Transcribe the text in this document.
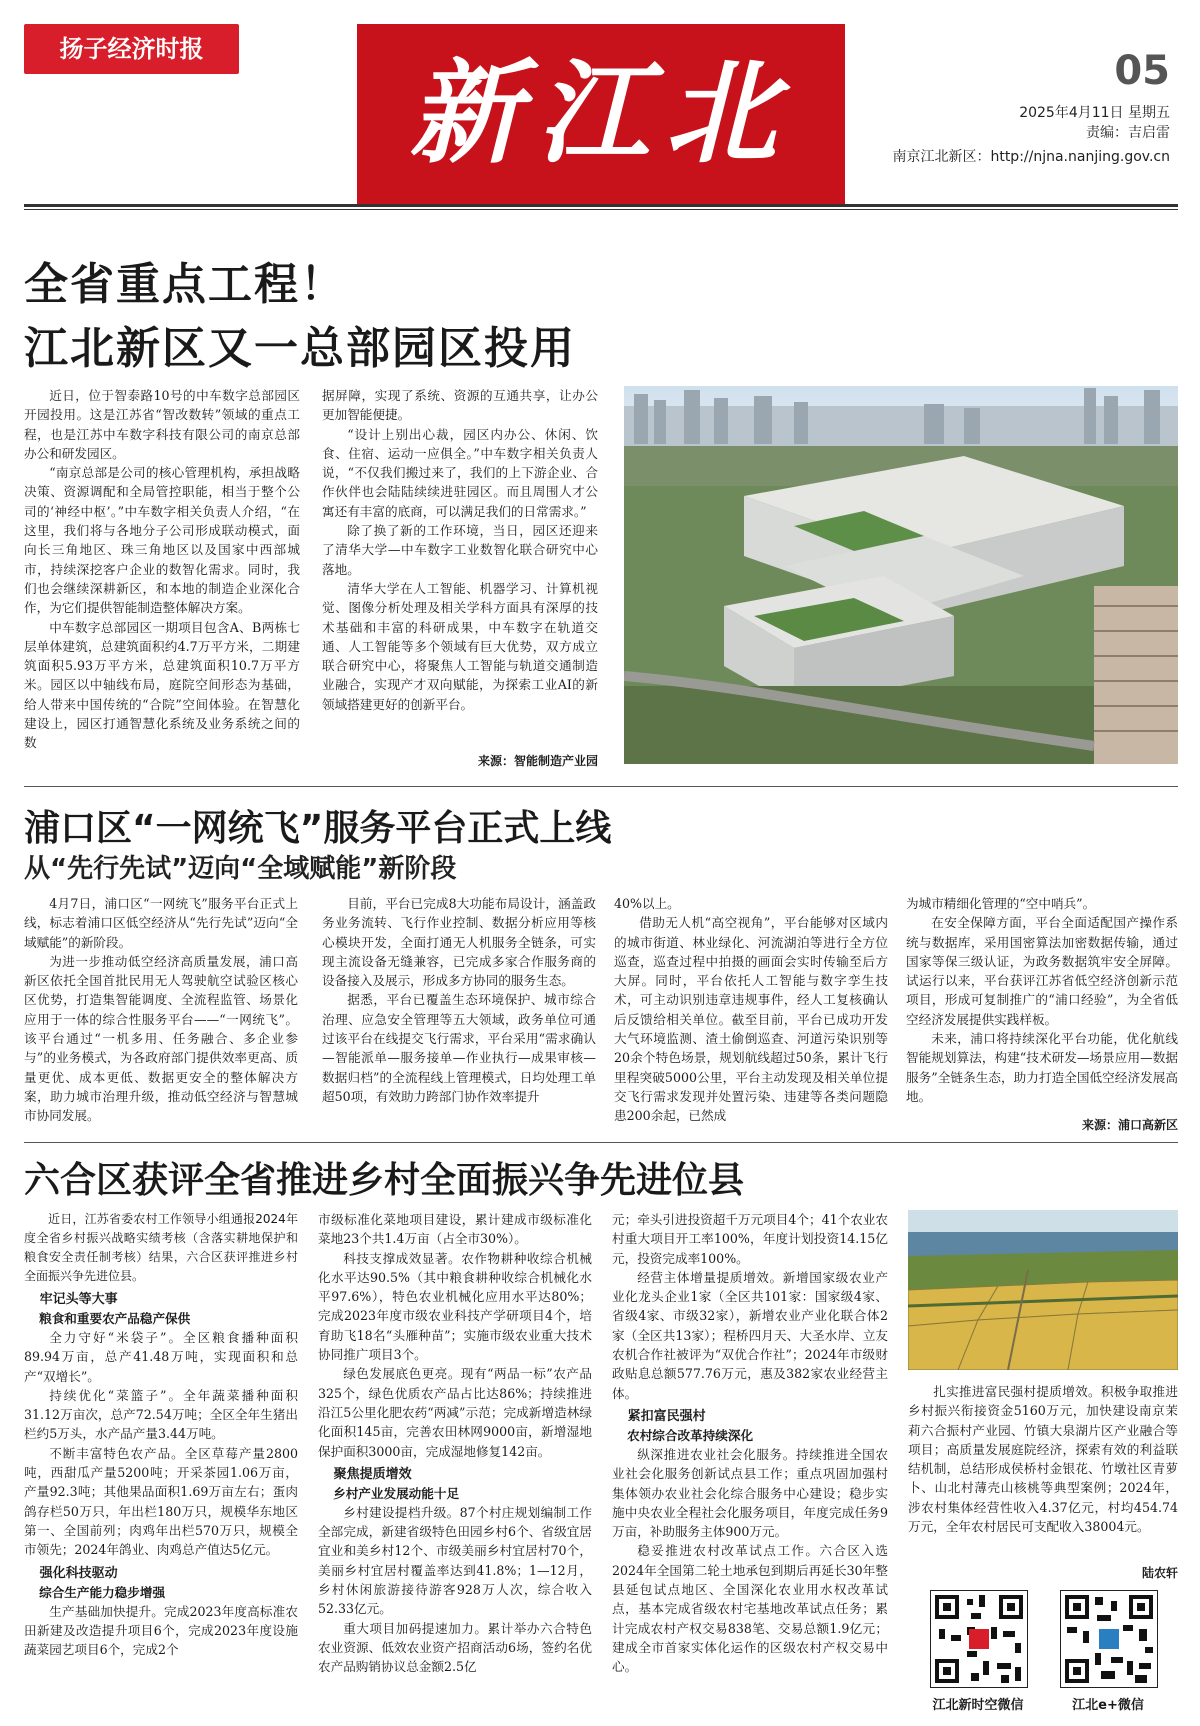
扬子经济时报	新江北	05
2025年4月11日 星期五
责编：吉启雷
南京江北新区：http://njna.nanjing.gov.cn
全省重点工程！
江北新区又一总部园区投用

近日，位于智泰路10号的中车数字总部园区开园投用。这是江苏省“智改数转”领域的重点工程，也是江苏中车数字科技有限公司的南京总部办公和研发园区。

“南京总部是公司的核心管理机构，承担战略决策、资源调配和全局管控职能，相当于整个公司的‘神经中枢’。”中车数字相关负责人介绍，“在这里，我们将与各地分子公司形成联动模式，面向长三角地区、珠三角地区以及国家中西部城市，持续深挖客户企业的数智化需求。同时，我们也会继续深耕新区，和本地的制造企业深化合作，为它们提供智能制造整体解决方案。

中车数字总部园区一期项目包含A、B两栋七层单体建筑，总建筑面积约4.7万平方米，二期建筑面积5.93万平方米，总建筑面积10.7万平方米。园区以中轴线布局，庭院空间形态为基础，给人带来中国传统的“合院”空间体验。在智慧化建设上，园区打通智慧化系统及业务系统之间的数

据屏障，实现了系统、资源的互通共享，让办公更加智能便捷。

“设计上别出心裁，园区内办公、休闲、饮食、住宿、运动一应俱全。”中车数字相关负责人说，“不仅我们搬过来了，我们的上下游企业、合作伙伴也会陆陆续续进驻园区。而且周围人才公寓还有丰富的底商，可以满足我们的日常需求。”

除了换了新的工作环境，当日，园区还迎来了清华大学—中车数字工业数智化联合研究中心落地。

清华大学在人工智能、机器学习、计算机视觉、图像分析处理及相关学科方面具有深厚的技术基础和丰富的科研成果，中车数字在轨道交通、人工智能等多个领域有巨大优势，双方成立联合研究中心，将聚焦人工智能与轨道交通制造业融合，实现产才双向赋能，为探索工业AI的新领域搭建更好的创新平台。

来源：智能制造产业园
浦口区“一网统飞”服务平台正式上线
从“先行先试”迈向“全域赋能”新阶段

4月7日，浦口区“一网统飞”服务平台正式上线，标志着浦口区低空经济从“先行先试”迈向“全域赋能”的新阶段。

为进一步推动低空经济高质量发展，浦口高新区依托全国首批民用无人驾驶航空试验区核心区优势，打造集智能调度、全流程监管、场景化应用于一体的综合性服务平台——“一网统飞”。该平台通过“一机多用、任务融合、多企业参与”的业务模式，为各政府部门提供效率更高、质量更优、成本更低、数据更安全的整体解决方案，助力城市治理升级，推动低空经济与智慧城市协同发展。

目前，平台已完成8大功能布局设计，涵盖政务业务流转、飞行作业控制、数据分析应用等核心模块开发，全面打通无人机服务全链条，可实现主流设备无缝兼容，已完成多家合作服务商的设备接入及展示，形成多方协同的服务生态。

据悉，平台已覆盖生态环境保护、城市综合治理、应急安全管理等五大领域，政务单位可通过该平台在线提交飞行需求，平台采用“需求确认—智能派单—服务接单—作业执行—成果审核—数据归档”的全流程线上管理模式，日均处理工单超50项，有效助力跨部门协作效率提升

40%以上。

借助无人机“高空视角”，平台能够对区域内的城市街道、林业绿化、河流湖泊等进行全方位巡查，巡查过程中拍摄的画面会实时传输至后方大屏。同时，平台依托人工智能与数字孪生技术，可主动识别违章违规事件，经人工复核确认后反馈给相关单位。截至目前，平台已成功开发大气环境监测、渣土偷倒巡查、河道污染识别等20余个特色场景，规划航线超过50条，累计飞行里程突破5000公里，平台主动发现及相关单位提交飞行需求发现并处置污染、违建等各类问题隐患200余起，已然成

为城市精细化管理的“空中哨兵”。

在安全保障方面，平台全面适配国产操作系统与数据库，采用国密算法加密数据传输，通过国家等保三级认证，为政务数据筑牢安全屏障。试运行以来，平台获评江苏省低空经济创新示范项目，形成可复制推广的“浦口经验”，为全省低空经济发展提供实践样板。

未来，浦口将持续深化平台功能，优化航线智能规划算法，构建“技术研发—场景应用—数据服务”全链条生态，助力打造全国低空经济发展高地。

来源：浦口高新区
六合区获评全省推进乡村全面振兴争先进位县

近日，江苏省委农村工作领导小组通报2024年度全省乡村振兴战略实绩考核（含落实耕地保护和粮食安全责任制考核）结果，六合区获评推进乡村全面振兴争先进位县。

牢记头等大事
粮食和重要农产品稳产保供

全力守好“米袋子”。全区粮食播种面积89.94万亩，总产41.48万吨，实现面积和总产“双增长”。

持续优化“菜篮子”。全年蔬菜播种面积31.12万亩次，总产72.54万吨；全区全年生猪出栏约5万头，水产品产量3.44万吨。

不断丰富特色农产品。全区草莓产量2800吨，西甜瓜产量5200吨；开采茶园1.06万亩，产量92.3吨；其他果品面积1.69万亩左右；蛋肉鸽存栏50万只，年出栏180万只，规模华东地区第一、全国前列；肉鸡年出栏570万只，规模全市领先；2024年鸽业、肉鸡总产值达5亿元。

强化科技驱动
综合生产能力稳步增强

生产基础加快提升。完成2023年度高标准农田新建及改造提升项目6个，完成2023年度设施蔬菜园艺项目6个，完成2个

市级标准化菜地项目建设，累计建成市级标准化菜地23个共1.4万亩（占全市30%）。

科技支撑成效显著。农作物耕种收综合机械化水平达90.5%（其中粮食耕种收综合机械化水平97.6%），特色农业机械化应用水平达80%；完成2023年度市级农业科技产学研项目4个，培育助飞18名“头雁种苗”；实施市级农业重大技术协同推广项目3个。

绿色发展底色更亮。现有“两品一标”农产品325个，绿色优质农产品占比达86%；持续推进沿江5公里化肥农药“两减”示范；完成新增造林绿化面积145亩，完善农田林网9000亩，新增湿地保护面积3000亩，完成湿地修复142亩。

聚焦提质增效
乡村产业发展动能十足

乡村建设提档升级。87个村庄规划编制工作全部完成，新建省级特色田园乡村6个、省级宜居宜业和美乡村12个、市级美丽乡村宜居村70个，美丽乡村宜居村覆盖率达到41.8%；1—12月，乡村休闲旅游接待游客928万人次，综合收入52.33亿元。

重大项目加码提速加力。累计举办六合特色农业资源、低效农业资产招商活动6场，签约名优农产品购销协议总金额2.5亿

元；牵头引进投资超千万元项目4个；41个农业农村重大项目开工率100%，年度计划投资14.15亿元，投资完成率100%。

经营主体增量提质增效。新增国家级农业产业化龙头企业1家（全区共101家：国家级4家、省级4家、市级32家），新增农业产业化联合体2家（全区共13家）；程桥四月天、大圣水岸、立友农机合作社被评为“双优合作社”；2024年市级财政贴息总额577.76万元，惠及382家农业经营主体。

紧扣富民强村
农村综合改革持续深化

纵深推进农业社会化服务。持续推进全国农业社会化服务创新试点县工作；重点巩固加强村集体领办农业社会化综合服务中心建设；稳步实施中央农业全程社会化服务项目，年度完成任务9万亩，补助服务主体900万元。

稳妥推进农村改革试点工作。六合区入选2024年全国第二轮土地承包到期后再延长30年整县延包试点地区、全国深化农业用水权改革试点，基本完成省级农村宅基地改革试点任务；累计完成农村产权交易838笔、交易总额1.9亿元；建成全市首家实体化运作的区级农村产权交易中心。

扎实推进富民强村提质增效。积极争取推进乡村振兴衔接资金5160万元，加快建设南京茉莉六合振村产业园、竹镇大泉湖片区产业融合等项目；高质量发展庭院经济，探索有效的利益联结机制，总结形成侯桥村金银花、竹墩社区青萝卜、山北村薄壳山核桃等典型案例；2024年，涉农村集体经营性收入4.37亿元，村均454.74万元，全年农村居民可支配收入38004元。

陆农轩
江北新时空微信	江北e+微信
